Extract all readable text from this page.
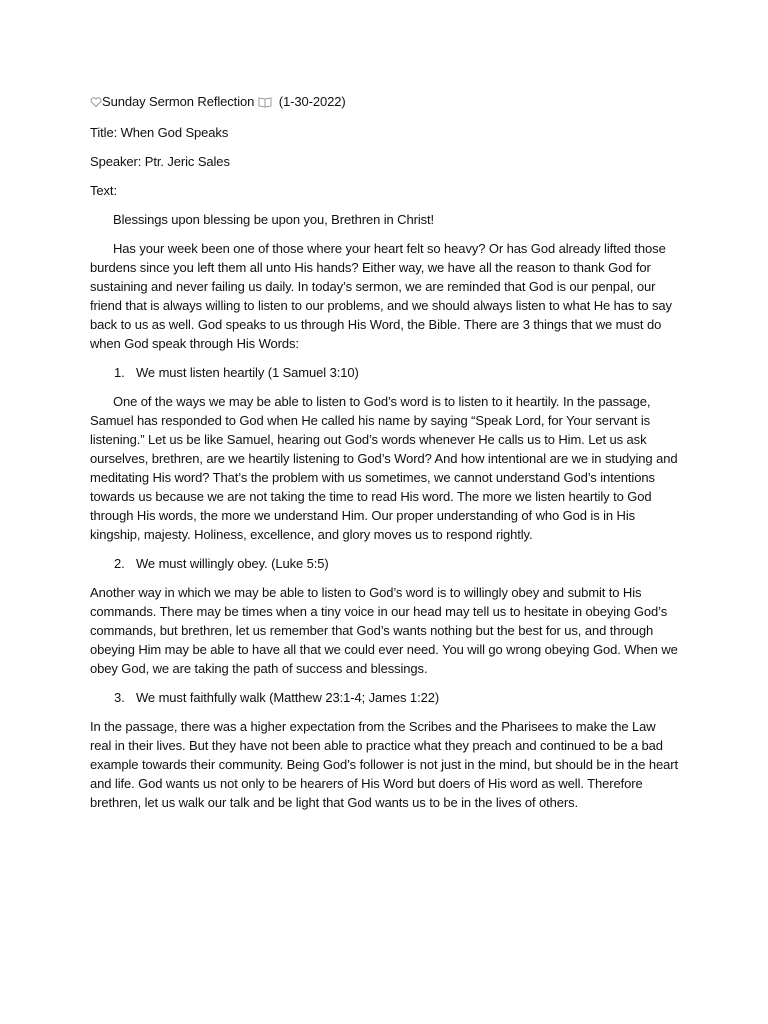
Sunday Sermon Reflection (1-30-2022)

Title: When God Speaks

Speaker: Ptr. Jeric Sales

Text:

Blessings upon blessing be upon you, Brethren in Christ!

Has your week been one of those where your heart felt so heavy? Or has God already lifted those burdens since you left them all unto His hands? Either way, we have all the reason to thank God for sustaining and never failing us daily. In today’s sermon, we are reminded that God is our penpal, our friend that is always willing to listen to our problems, and we should always listen to what He has to say back to us as well. God speaks to us through His Word, the Bible. There are 3 things that we must do when God speak through His Words:

1. We must listen heartily (1 Samuel 3:10)

One of the ways we may be able to listen to God’s word is to listen to it heartily. In the passage, Samuel has responded to God when He called his name by saying “Speak Lord, for Your servant is listening.” Let us be like Samuel, hearing out God’s words whenever He calls us to Him. Let us ask ourselves, brethren, are we heartily listening to God’s Word? And how intentional are we in studying and meditating His word? That’s the problem with us sometimes, we cannot understand God’s intentions towards us because we are not taking the time to read His word. The more we listen heartily to God through His words, the more we understand Him. Our proper understanding of who God is in His kingship, majesty. Holiness, excellence, and glory moves us to respond rightly.

2. We must willingly obey. (Luke 5:5)

Another way in which we may be able to listen to God’s word is to willingly obey and submit to His commands. There may be times when a tiny voice in our head may tell us to hesitate in obeying God’s commands, but brethren, let us remember that God’s wants nothing but the best for us, and through obeying Him may be able to have all that we could ever need. You will go wrong obeying God. When we obey God, we are taking the path of success and blessings.

3. We must faithfully walk (Matthew 23:1-4; James 1:22)

In the passage, there was a higher expectation from the Scribes and the Pharisees to make the Law real in their lives. But they have not been able to practice what they preach and continued to be a bad example towards their community. Being God’s follower is not just in the mind, but should be in the heart and life. God wants us not only to be hearers of His Word but doers of His word as well. Therefore brethren, let us walk our talk and be light that God wants us to be in the lives of others.
